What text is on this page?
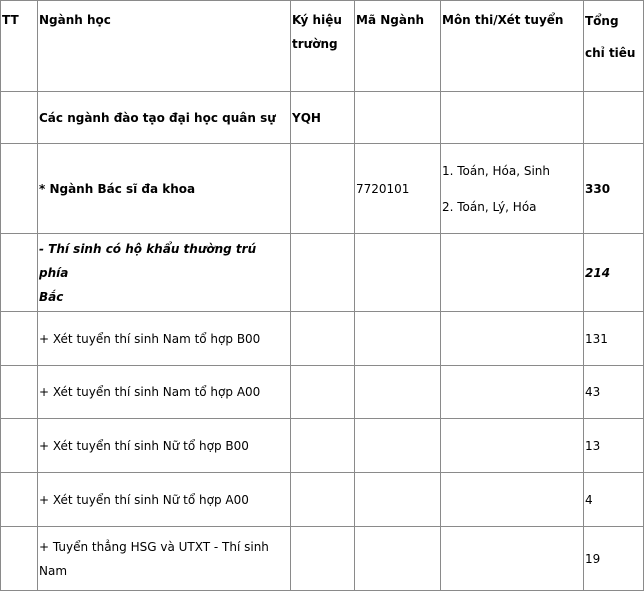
TT	Ngành học	Ký hiệu
trường	Mã Ngành	Môn thi/Xét tuyển	Tổng
chỉ tiêu

	Các ngành đào tạo đại học quân sự	YQH			
	* Ngành Bác sĩ đa khoa		7720101	1. Toán, Hóa, Sinh
2. Toán, Lý, Hóa	330

	- Thí sinh có hộ khẩu thường trú phía
Bắc				214
	+ Xét tuyển thí sinh Nam tổ hợp B00				131
	+ Xét tuyển thí sinh Nam tổ hợp A00				43
	+ Xét tuyển thí sinh Nữ tổ hợp B00				13
	+ Xét tuyển thí sinh Nữ tổ hợp A00				4

	+ Tuyển thẳng HSG và UTXT - Thí sinh
Nam				19
